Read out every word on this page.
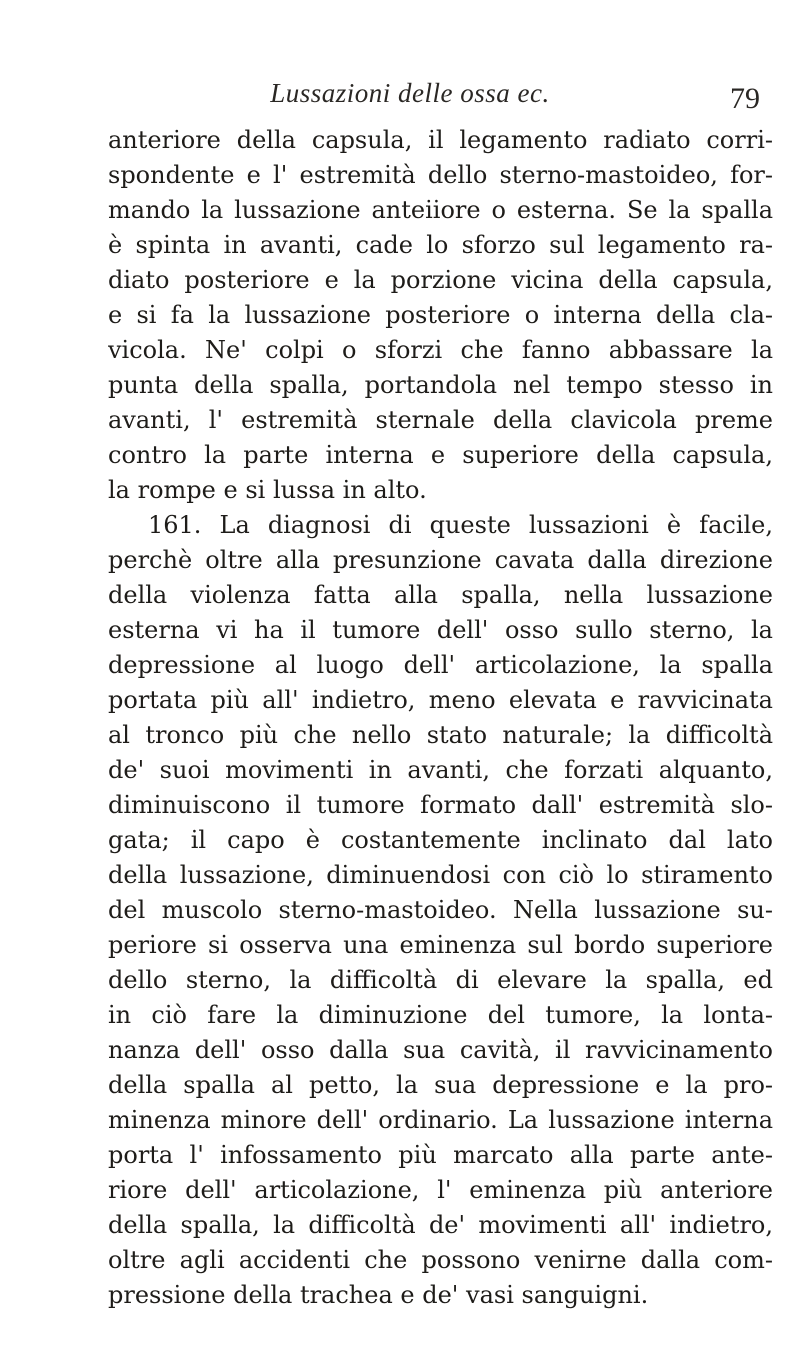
Lussazioni delle ossa ec.	79
anteriore della capsula, il legamento radiato corri-
spondente e l' estremità dello sterno-mastoideo, for-
mando la lussazione anteiiore o esterna. Se la spalla
è spinta in avanti, cade lo sforzo sul legamento ra-
diato posteriore e la porzione vicina della capsula,
e si fa la lussazione posteriore o interna della cla-
vicola. Ne' colpi o sforzi che fanno abbassare la
punta della spalla, portandola nel tempo stesso in
avanti, l' estremità sternale della clavicola preme
contro la parte interna e superiore della capsula,
la rompe e si lussa in alto.
161. La diagnosi di queste lussazioni è facile,
perchè oltre alla presunzione cavata dalla direzione
della violenza fatta alla spalla, nella lussazione
esterna vi ha il tumore dell' osso sullo sterno, la
depressione al luogo dell' articolazione, la spalla
portata più all' indietro, meno elevata e ravvicinata
al tronco più che nello stato naturale; la difficoltà
de' suoi movimenti in avanti, che forzati alquanto,
diminuiscono il tumore formato dall' estremità slo-
gata; il capo è costantemente inclinato dal lato
della lussazione, diminuendosi con ciò lo stiramento
del muscolo sterno-mastoideo. Nella lussazione su-
periore si osserva una eminenza sul bordo superiore
dello sterno, la difficoltà di elevare la spalla, ed
in ciò fare la diminuzione del tumore, la lonta-
nanza dell' osso dalla sua cavità, il ravvicinamento
della spalla al petto, la sua depressione e la pro-
minenza minore dell' ordinario. La lussazione interna
porta l' infossamento più marcato alla parte ante-
riore dell' articolazione, l' eminenza più anteriore
della spalla, la difficoltà de' movimenti all' indietro,
oltre agli accidenti che possono venirne dalla com-
pressione della trachea e de' vasi sanguigni.
